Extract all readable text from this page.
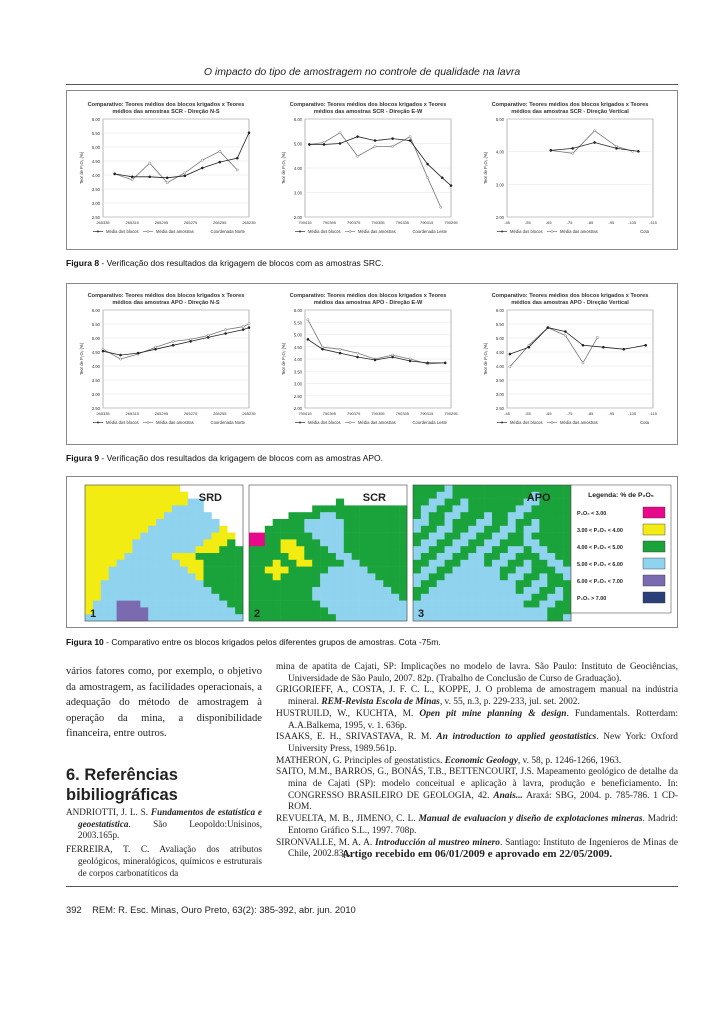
O impacto do tipo de amostragem no controle de qualidade na lavra
Comparativo: Teores médios dos blocos krigados x Teores
médios das amostras SCR - Direção N-S
6.00
5.50
5.00
4.50
4.00
3.50
3.00
2.50
265335	265315	265295	265275	265255	265235
Teor de P₂O₅ (%)
Média dos blocos	Média das amostras	Coordenada Norte
Comparativo: Teores médios dos blocos krigados x Teores
médios das amostras SCR - Direção E-W
6.00
5.00
4.00
3.00
2.00
790415	790395	790375	790355	790335	790315	790295
Teor de P₂O₅ (%)
Média dos blocos	Média das amostras	Coordenada Leste
Comparativo: Teores médios dos blocos krigados x Teores
médios das amostras SCR - Direção Vertical
5.00
4.00
3.00
2.00
-45	-55	-65	-75	-85	-95	-105	-115
Teor de P₂O₅ (%)
Média dos blocos	Média das amostras	Cota
Figura 8 - Verificação dos resultados da krigagem de blocos com as amostras SRC.
Comparativo: Teores médios dos blocos krigados x Teores
médios das amostras APO - Direção N-S
6.00
5.50
5.00
4.50
4.00
3.50
3.00
2.50
265335	265315	265295	265275	265255	265235
Teor de P₂O₅ (%)
Média dos blocos	Média das amostras	Coordenada Norte
Comparativo: Teores médios dos blocos krigados x Teores
médios das amostras APO - Direção E-W
6.00
5.50
5.00
4.50
4.00
3.50
3.00
2.50
2.00
790415	790395	790375	790355	790335	790315	790295
Teor de P₂O₅ (%)
Média dos blocos	Média das amostras	Coordenada Leste
Comparativo: Teores médios dos blocos krigados x Teores
médios das amostras APO - Direção Vertical
6.00
5.50
5.00
4.50
4.00
3.50
3.00
2.50
-45	-55	-65	-75	-85	-95	-105	-115
Teor de P₂O₅ (%)
Média dos blocos	Média das amostras	Cota
Figura 9 - Verificação dos resultados da krigagem de blocos com as amostras APO.
SRD
1
SCR
2
APO
3
Legenda: % de P₂O₅
P₂O₅ < 3.00
3.00 < P₂O₅ < 4.00
4.00 < P₂O₅ < 5.00
5.00 < P₂O₅ < 6.00
6.00 < P₂O₅ < 7.00
P₂O₅ > 7.00
Figura 10 - Comparativo entre os blocos krigados pelos diferentes grupos de amostras. Cota -75m.

vários fatores como, por exemplo, o objetivo da amostragem, as facilidades operacionais, a adequação do método de amostragem à operação da mina, a disponibilidade financeira, entre outros.

6. Referências bibiliográficas

ANDRIOTTI, J. L. S. Fundamentos de estatística e geoestatística. São Leopoldo:Unisinos, 2003.165p.

FERREIRA, T. C. Avaliação dos atributos geológicos, mineralógicos, químicos e estruturais de corpos carbonatíticos da

mina de apatita de Cajati, SP: Implicações no modelo de lavra. São Paulo: Instituto de Geociências, Universidade de São Paulo, 2007. 82p. (Trabalho de Conclusão de Curso de Graduação).

GRIGORIEFF, A., COSTA, J. F. C. L., KOPPE, J. O problema de amostragem manual na indústria mineral. REM-Revista Escola de Minas, v. 55, n.3, p. 229-233, jul. set. 2002.

HUSTRUILD, W., KUCHTA, M. Open pit mine planning & design. Fundamentals. Rotterdam: A.A.Balkema, 1995, v. 1. 636p.

ISAAKS, E. H., SRIVASTAVA, R. M. An introduction to applied geostatistics. New York: Oxford University Press, 1989.561p.

MATHERON, G. Principles of geostatistics. Economic Geology, v. 58, p. 1246-1266, 1963.

SAITO, M.M., BARROS, G., BONÁS, T.B., BETTENCOURT, J.S. Mapeamento geológico de detalhe da mina de Cajati (SP): modelo conceitual e aplicação à lavra, produção e beneficiamento. In: CONGRESSO BRASILEIRO DE GEOLOGIA, 42. Anais... Araxá: SBG, 2004. p. 785-786. 1 CD-ROM.

REVUELTA, M. B., JIMENO, C. L. Manual de evaluacion y diseño de explotaciones mineras. Madrid: Entorno Gráfico S.L., 1997. 708p.

SIRONVALLE, M. A. A. Introducción al mustreo minero. Santiago: Instituto de Ingenieros de Minas de Chile, 2002.83p.

Artigo recebido em 06/01/2009 e aprovado em 22/05/2009.
392 REM: R. Esc. Minas, Ouro Preto, 63(2): 385-392, abr. jun. 2010
